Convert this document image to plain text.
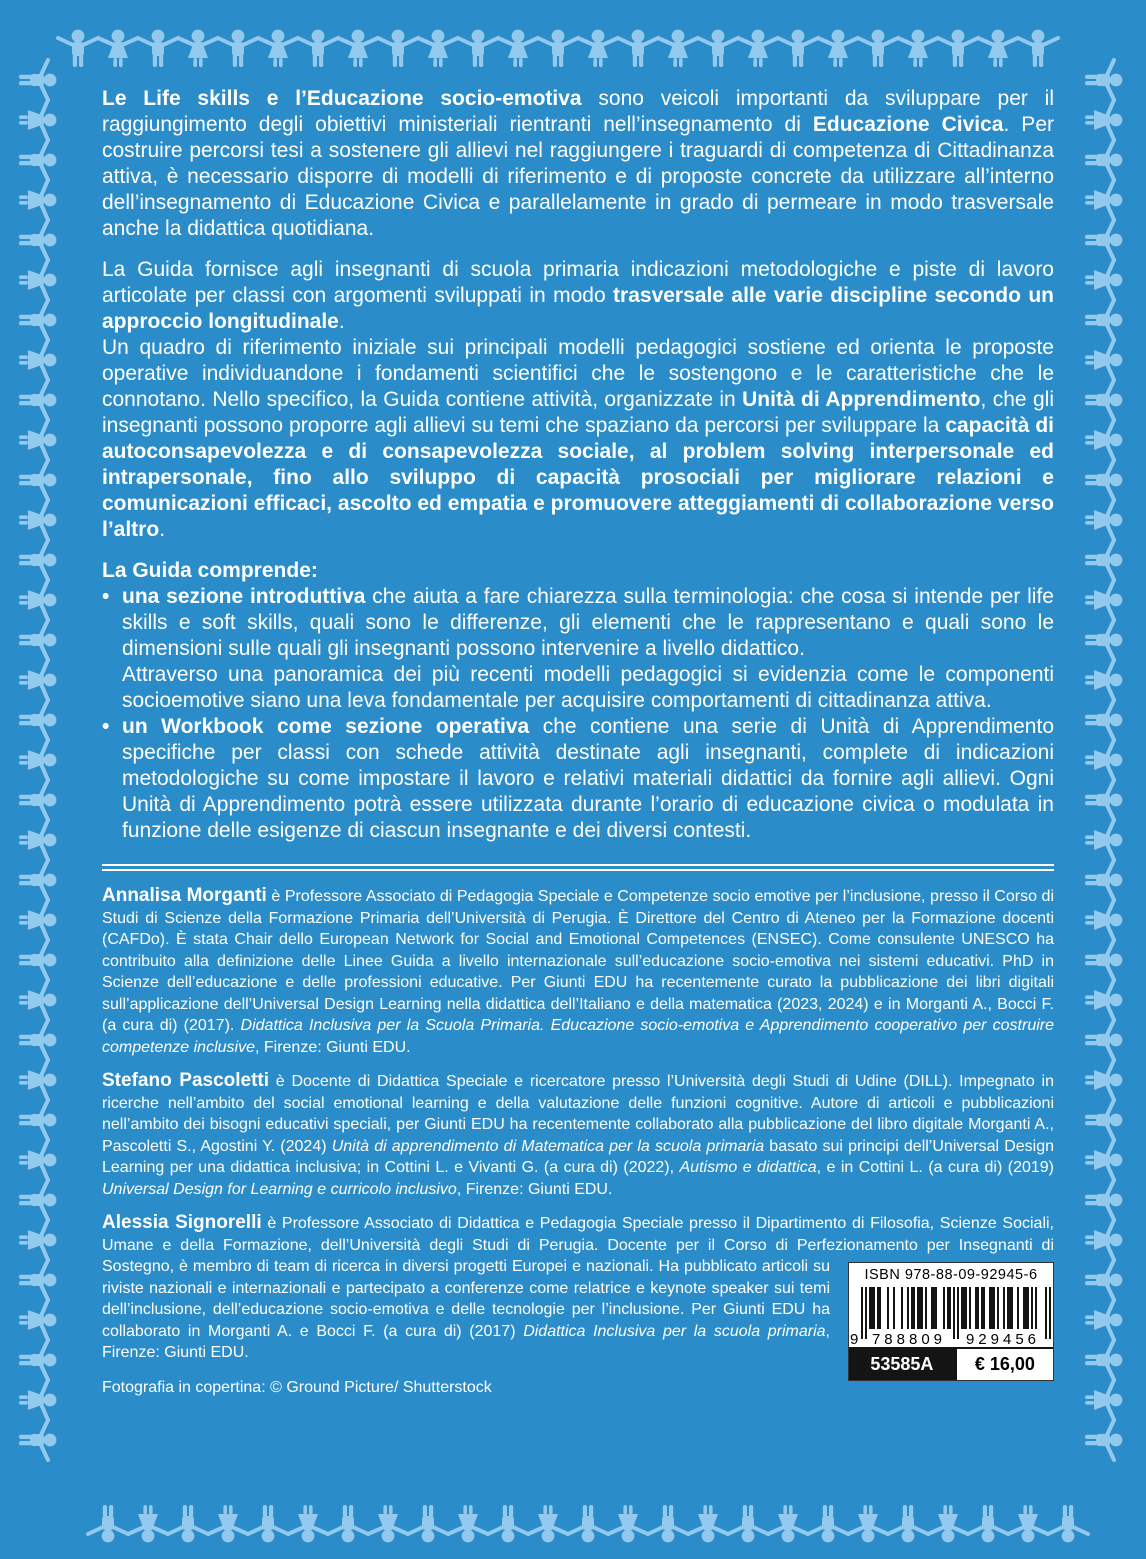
Le Life skills e l’Educazione socio-emotiva sono veicoli importanti da sviluppare per il raggiungimento degli obiettivi ministeriali rientranti nell’insegnamento di Educazione Civica. Per costruire percorsi tesi a sostenere gli allievi nel raggiungere i traguardi di competenza di Cittadinanza attiva, è necessario disporre di modelli di riferimento e di proposte concrete da utilizzare all’interno dell’insegnamento di Educazione Civica e parallelamente in grado di permeare in modo trasversale anche la didattica quotidiana.

La Guida fornisce agli insegnanti di scuola primaria indicazioni metodologiche e piste di lavoro articolate per classi con argomenti sviluppati in modo trasversale alle varie discipline secondo un approccio longitudinale.

Un quadro di riferimento iniziale sui principali modelli pedagogici sostiene ed orienta le proposte operative individuandone i fondamenti scientifici che le sostengono e le caratteristiche che le connotano. Nello specifico, la Guida contiene attività, organizzate in Unità di Apprendimento, che gli insegnanti possono proporre agli allievi su temi che spaziano da percorsi per sviluppare la capacità di autoconsapevolezza e di consapevolezza sociale, al problem solving interpersonale ed intrapersonale, fino allo sviluppo di capacità prosociali per migliorare relazioni e comunicazioni efficaci, ascolto ed empatia e promuovere atteggiamenti di collaborazione verso l’altro.

La Guida comprende:

• una sezione introduttiva che aiuta a fare chiarezza sulla terminologia: che cosa si intende per life skills e soft skills, quali sono le differenze, gli elementi che le rappresentano e quali sono le dimensioni sulle quali gli insegnanti possono intervenire a livello didattico.
Attraverso una panoramica dei più recenti modelli pedagogici si evidenzia come le componenti socioemotive siano una leva fondamentale per acquisire comportamenti di cittadinanza attiva.
• un Workbook come sezione operativa che contiene una serie di Unità di Apprendimento specifiche per classi con schede attività destinate agli insegnanti, complete di indicazioni metodologiche su come impostare il lavoro e relativi materiali didattici da fornire agli allievi. Ogni Unità di Apprendimento potrà essere utilizzata durante l’orario di educazione civica o modulata in funzione delle esigenze di ciascun insegnante e dei diversi contesti.

Annalisa Morganti è Professore Associato di Pedagogia Speciale e Competenze socio emotive per l’inclusione, presso il Corso di Studi di Scienze della Formazione Primaria dell’Università di Perugia. È Direttore del Centro di Ateneo per la Formazione docenti (CAFDo). È stata Chair dello European Network for Social and Emotional Competences (ENSEC). Come consulente UNESCO ha contribuito alla definizione delle Linee Guida a livello internazionale sull’educazione socio-emotiva nei sistemi educativi. PhD in Scienze dell’educazione e delle professioni educative. Per Giunti EDU ha recentemente curato la pubblicazione dei libri digitali sull’applicazione dell’Universal Design Learning nella didattica dell’Italiano e della matematica (2023, 2024) e in Morganti A., Bocci F. (a cura di) (2017). Didattica Inclusiva per la Scuola Primaria. Educazione socio-emotiva e Apprendimento cooperativo per costruire competenze inclusive, Firenze: Giunti EDU.

Stefano Pascoletti è Docente di Didattica Speciale e ricercatore presso l’Università degli Studi di Udine (DILL). Impegnato in ricerche nell’ambito del social emotional learning e della valutazione delle funzioni cognitive. Autore di articoli e pubblicazioni nell’ambito dei bisogni educativi speciali, per Giunti EDU ha recentemente collaborato alla pubblicazione del libro digitale Morganti A., Pascoletti S., Agostini Y. (2024) Unità di apprendimento di Matematica per la scuola primaria basato sui principi dell’Universal Design Learning per una didattica inclusiva; in Cottini L. e Vivanti G. (a cura di) (2022), Autismo e didattica, e in Cottini L. (a cura di) (2019) Universal Design for Learning e curricolo inclusivo, Firenze: Giunti EDU.

ISBN 978-88-09-92945-6
9 788809 929456
53585A	€ 16,00
Alessia Signorelli è Professore Associato di Didattica e Pedagogia Speciale presso il Dipartimento di Filosofia, Scienze Sociali, Umane e della Formazione, dell’Università degli Studi di Perugia. Docente per il Corso di Perfezionamento per Insegnanti di Sostegno, è membro di team di ricerca in diversi progetti Europei e nazionali. Ha pubblicato articoli su riviste nazionali e internazionali e partecipato a conferenze come relatrice e keynote speaker sui temi dell’inclusione, dell’educazione socio-emotiva e delle tecnologie per l’inclusione. Per Giunti EDU ha collaborato in Morganti A. e Bocci F. (a cura di) (2017) Didattica Inclusiva per la scuola primaria, Firenze: Giunti EDU.

Fotografia in copertina: © Ground Picture/ Shutterstock
